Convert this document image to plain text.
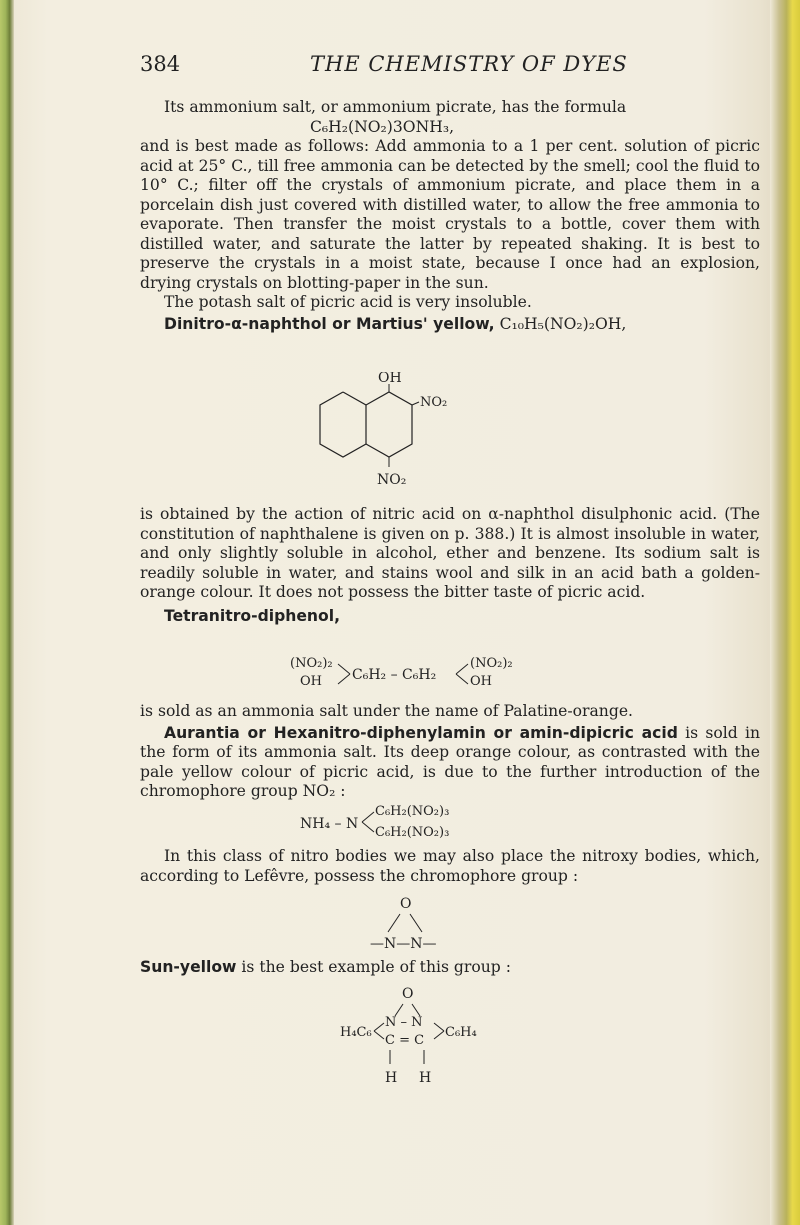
384	THE CHEMISTRY OF DYES

Its ammonium salt, or ammonium picrate, has the formula

C₆H₂(NO₂)3ONH₃,

and is best made as follows: Add ammonia to a 1 per cent. solution of picric acid at 25° C., till free ammonia can be detected by the smell; cool the fluid to 10° C.; filter off the crystals of ammonium picrate, and place them in a porcelain dish just covered with distilled water, to allow the free ammonia to evaporate. Then transfer the moist crystals to a bottle, cover them with distilled water, and saturate the latter by repeated shaking. It is best to preserve the crystals in a moist state, because I once had an explosion, drying crystals on blotting-paper in the sun.

The potash salt of picric acid is very insoluble.

Dinitro-α-naphthol or Martius' yellow, C₁₀H₅(NO₂)₂OH,

OH
NO₂
NO₂

is obtained by the action of nitric acid on α-naphthol disulphonic acid. (The constitution of naphthalene is given on p. 388.) It is almost insoluble in water, and only slightly soluble in alcohol, ether and benzene. Its sodium salt is readily soluble in water, and stains wool and silk in an acid bath a golden-orange colour. It does not possess the bitter taste of picric acid.

Tetranitro-diphenol,

(NO₂)₂
OH C₆H₂ – C₆H₂
(NO₂)₂
OH

is sold as an ammonia salt under the name of Palatine-orange.

Aurantia or Hexanitro-diphenylamin or amin-dipicric acid is sold in the form of its ammonia salt. Its deep orange colour, as contrasted with the pale yellow colour of picric acid, is due to the further introduction of the chromophore group NO₂ :

NH₄ – N
C₆H₂(NO₂)₃
C₆H₂(NO₂)₃

In this class of nitro bodies we may also place the nitroxy bodies, which, according to Lefêvre, possess the chromophore group :

O
—N—N—

Sun-yellow is the best example of this group :

O
H₄C₆
N – N
C = C
C₆H₄
H H
